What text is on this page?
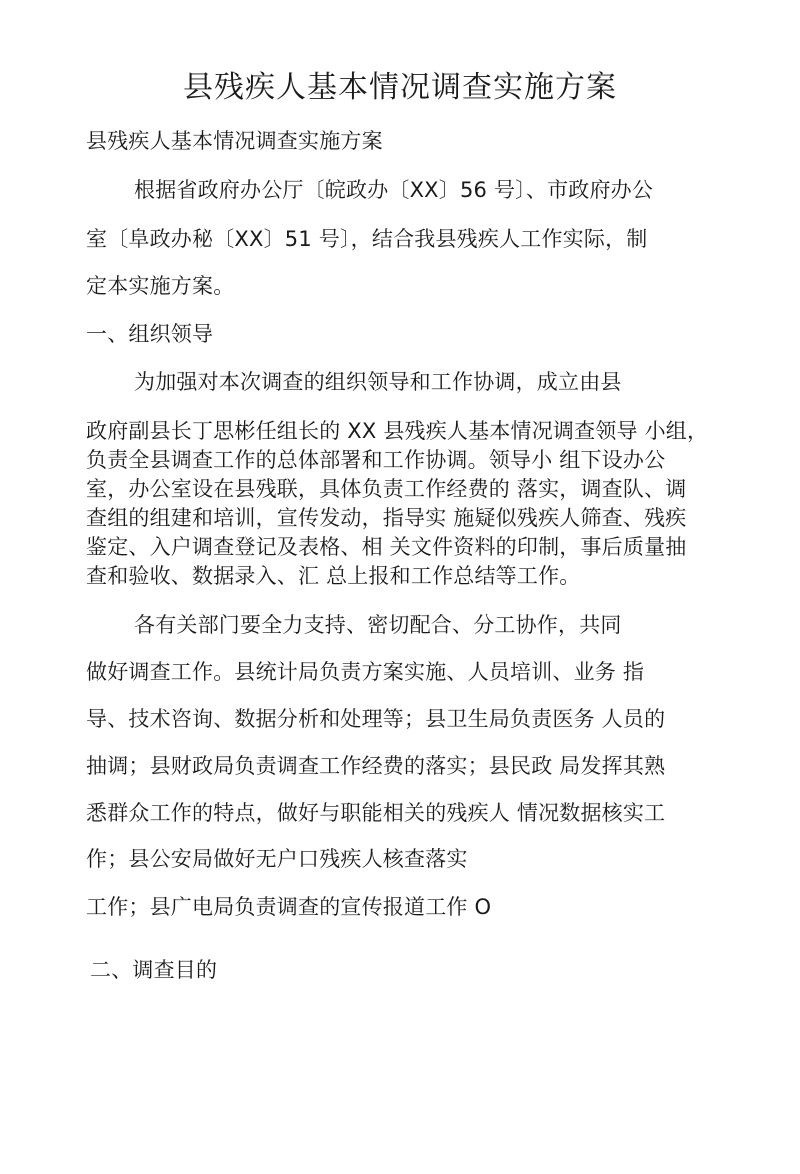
县残疾人基本情况调查实施方案
县残疾人基本情况调查实施方案
根据省政府办公厅〔皖政办〔XX〕56 号〕、市政府办公
室〔阜政办秘〔XX〕51 号〕，结合我县残疾人工作实际，制
定本实施方案。
一、组织领导
为加强对本次调查的组织领导和工作协调，成立由县
政府副县长丁思彬任组长的 XX 县残疾人基本情况调查领导 小组，
负责全县调查工作的总体部署和工作协调。领导小 组下设办公
室，办公室设在县残联，具体负责工作经费的 落实，调查队、调
查组的组建和培训，宣传发动，指导实 施疑似残疾人筛查、残疾
鉴定、入户调查登记及表格、相 关文件资料的印制，事后质量抽
查和验收、数据录入、汇 总上报和工作总结等工作。
各有关部门要全力支持、密切配合、分工协作，共同
做好调查工作。县统计局负责方案实施、人员培训、业务 指
导、技术咨询、数据分析和处理等；县卫生局负责医务 人员的
抽调；县财政局负责调查工作经费的落实；县民政 局发挥其熟
悉群众工作的特点，做好与职能相关的残疾人 情况数据核实工
作；县公安局做好无户口残疾人核查落实
工作；县广电局负责调查的宣传报道工作 O
二、调查目的
